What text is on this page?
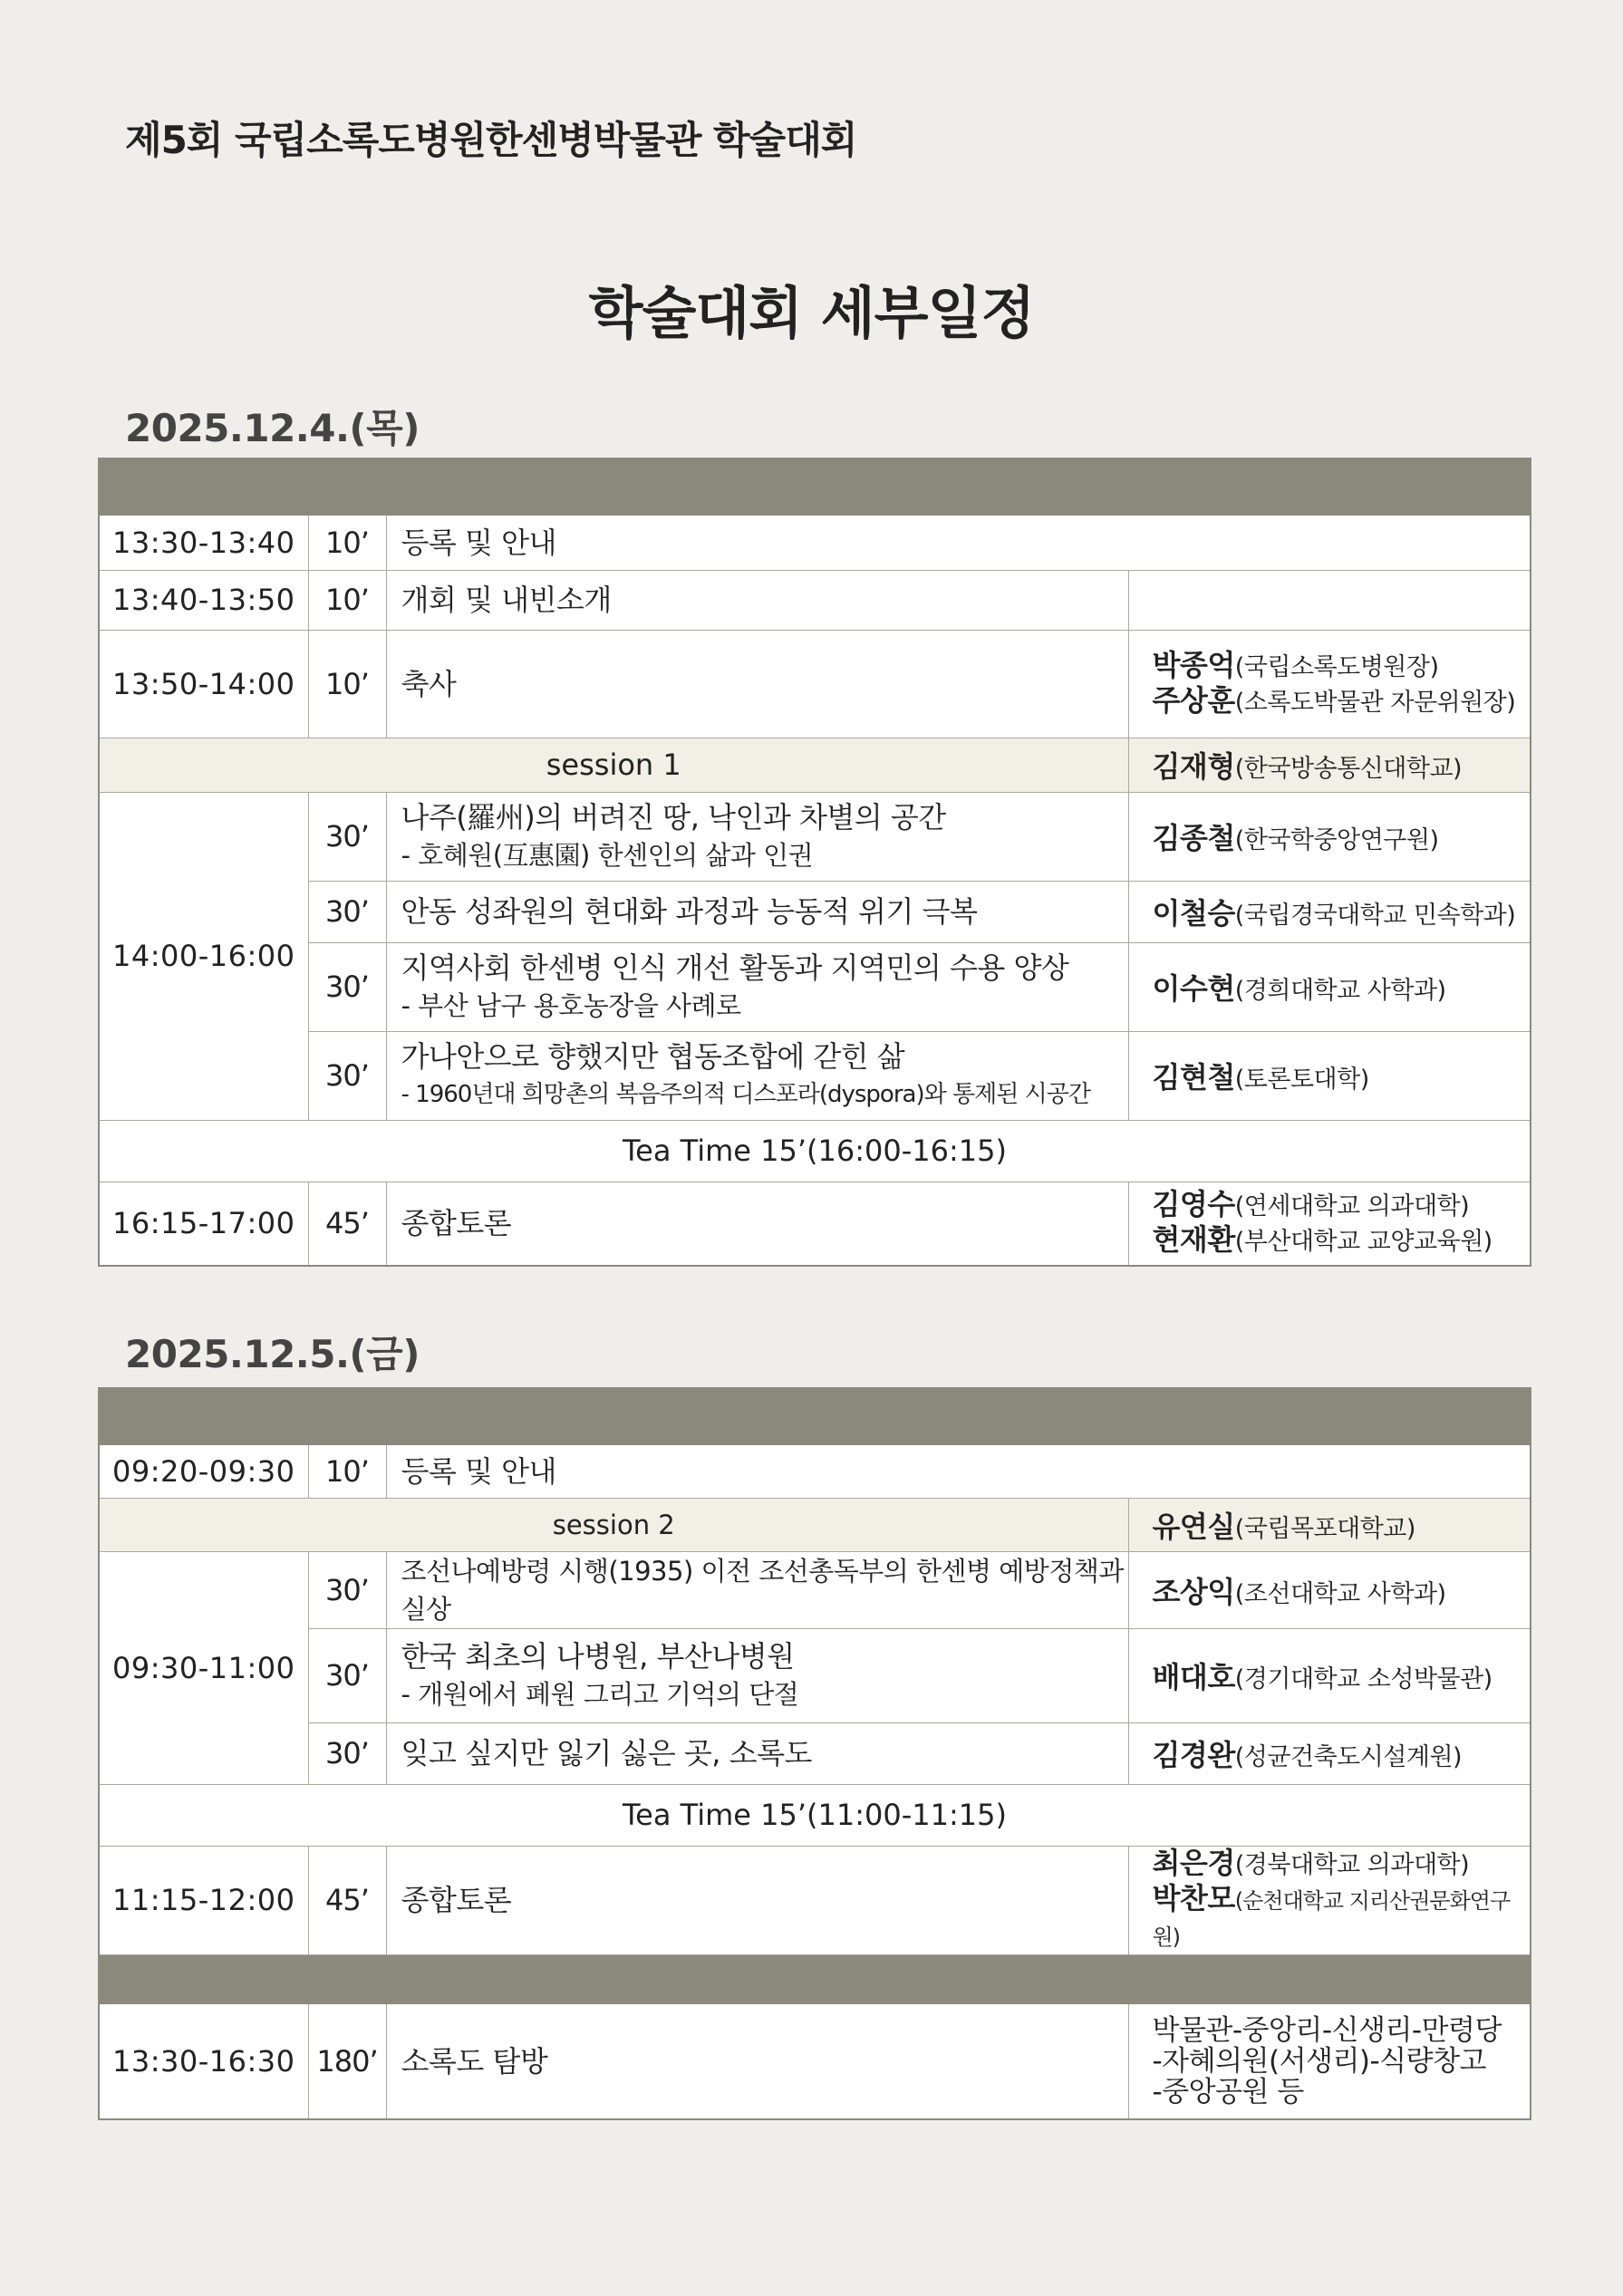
제5회 국립소록도병원한센병박물관 학술대회
학술대회 세부일정
2025.12.4.(목)

13:30-13:40	10’	등록 및 안내	

13:40-13:50	10’	개회 및 내빈소개	

13:50-14:00	10’	축사	박종억(국립소록도병원장)
주상훈(소록도박물관 자문위원장)

session 1			김재형(한국방송통신대학교)
14:00-16:00	30’	나주(羅州)의 버려진 땅, 낙인과 차별의 공간
- 호혜원(互惠園) 한센인의 삶과 인권	김종철(한국학중앙연구원)
	30’	안동 성좌원의 현대화 과정과 능동적 위기 극복	이철승(국립경국대학교 민속학과)
	30’	지역사회 한센병 인식 개선 활동과 지역민의 수용 양상
- 부산 남구 용호농장을 사례로	이수현(경희대학교 사학과)
	30’	가나안으로 향했지만 협동조합에 갇힌 삶
- 1960년대 희망촌의 복음주의적 디스포라(dyspora)와 통제된 시공간	김현철(토론토대학)
Tea Time 15’(16:00-16:15)			
16:15-17:00	45’	종합토론	김영수(연세대학교 의과대학)
현재환(부산대학교 교양교육원)
2025.12.5.(금)

09:20-09:30	10’	등록 및 안내	

session 2			유연실(국립목포대학교)
09:30-11:00	30’	조선나예방령 시행(1935) 이전 조선총독부의 한센병 예방정책과 실상	조상익(조선대학교 사학과)
	30’	한국 최초의 나병원, 부산나병원
- 개원에서 폐원 그리고 기억의 단절	배대호(경기대학교 소성박물관)
	30’	잊고 싶지만 잃기 싫은 곳, 소록도	김경완(성균건축도시설계원)
Tea Time 15’(11:00-11:15)			
11:15-12:00	45’	종합토론	최은경(경북대학교 의과대학)
박찬모(순천대학교 지리산권문화연구원)

13:30-16:30	180’	소록도 탐방	박물관-중앙리-신생리-만령당
-자혜의원(서생리)-식량창고
-중앙공원 등
